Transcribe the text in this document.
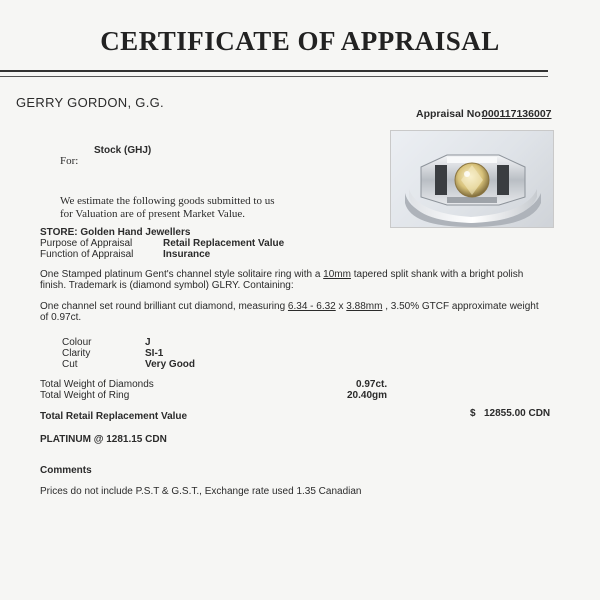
CERTIFICATE OF APPRAISAL
GERRY GORDON, G.G.
Appraisal No:
000117136007
Stock (GHJ)
For:
We estimate the following goods submitted to us for Valuation are of present Market Value.
STORE: Golden Hand Jewellers
Purpose of Appraisal	Retail Replacement Value
Function of Appraisal	Insurance
One Stamped platinum Gent's channel style solitaire ring with a 10mm tapered split shank with a bright polish finish. Trademark is (diamond symbol) GLRY. Containing:
One channel set round brilliant cut diamond, measuring 6.34 - 6.32 x 3.88mm , 3.50% GTCF approximate weight of 0.97ct.
Colour	J
Clarity	SI-1
Cut	Very Good
Total Weight of Diamonds	0.97ct.
Total Weight of Ring	20.40gm
Total Retail Replacement Value	$ 12855.00 CDN
PLATINUM @ 1281.15 CDN
Comments
Prices do not include P.S.T & G.S.T., Exchange rate used 1.35 Canadian
